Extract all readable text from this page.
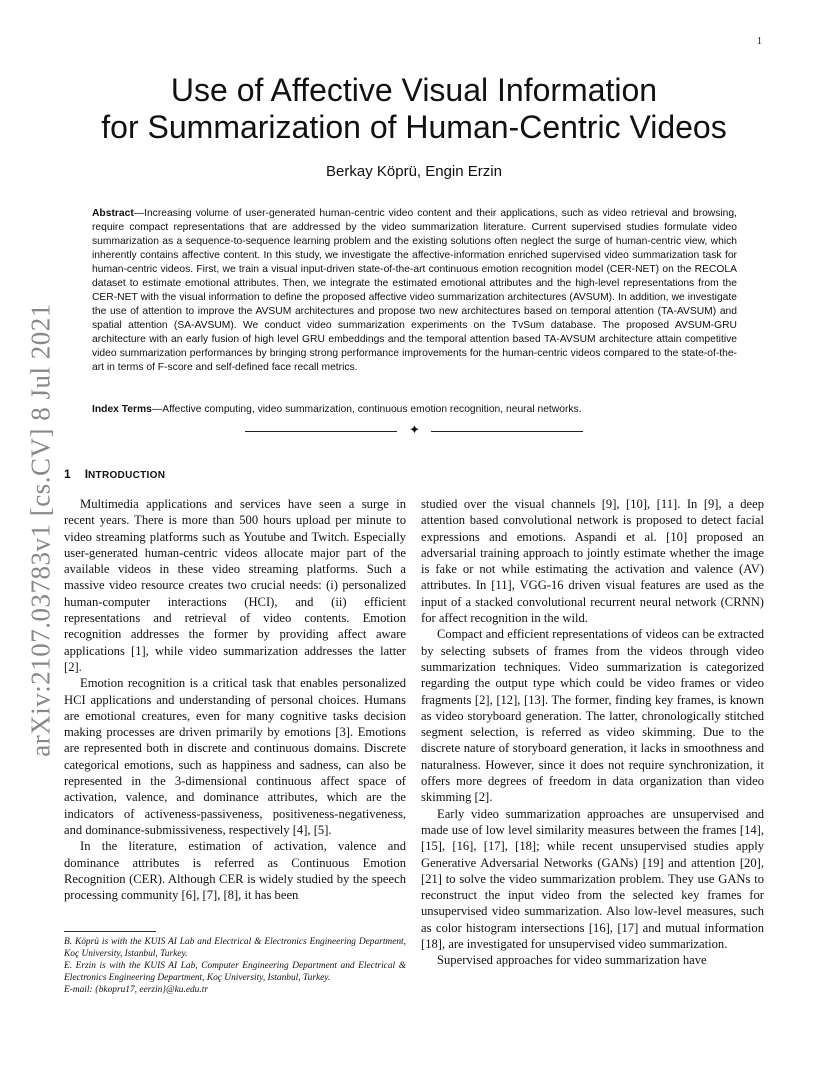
1
arXiv:2107.03783v1 [cs.CV] 8 Jul 2021
Use of Affective Visual Information
for Summarization of Human-Centric Videos
Berkay Köprü, Engin Erzin

Abstract—Increasing volume of user-generated human-centric video content and their applications, such as video retrieval and browsing, require compact representations that are addressed by the video summarization literature. Current supervised studies formulate video summarization as a sequence-to-sequence learning problem and the existing solutions often neglect the surge of human-centric view, which inherently contains affective content. In this study, we investigate the affective-information enriched supervised video summarization task for human-centric videos. First, we train a visual input-driven state-of-the-art continuous emotion recognition model (CER-NET) on the RECOLA dataset to estimate emotional attributes. Then, we integrate the estimated emotional attributes and the high-level representations from the CER-NET with the visual information to define the proposed affective video summarization architectures (AVSUM). In addition, we investigate the use of attention to improve the AVSUM architectures and propose two new architectures based on temporal attention (TA-AVSUM) and spatial attention (SA-AVSUM). We conduct video summarization experiments on the TvSum database. The proposed AVSUM-GRU architecture with an early fusion of high level GRU embeddings and the temporal attention based TA-AVSUM architecture attain competitive video summarization performances by bringing strong performance improvements for the human-centric videos compared to the state-of-the-art in terms of F-score and self-defined face recall metrics.

Index Terms—Affective computing, video summarization, continuous emotion recognition, neural networks.

✦
1 INTRODUCTION

Multimedia applications and services have seen a surge in recent years. There is more than 500 hours upload per minute to video streaming platforms such as Youtube and Twitch. Especially user-generated human-centric videos allocate major part of the available videos in these video streaming platforms. Such a massive video resource creates two crucial needs: (i) personalized human-computer interactions (HCI), and (ii) efficient representations and retrieval of video contents. Emotion recognition addresses the former by providing affect aware applications [1], while video summarization addresses the latter [2].

Emotion recognition is a critical task that enables personalized HCI applications and understanding of personal choices. Humans are emotional creatures, even for many cognitive tasks decision making processes are driven primarily by emotions [3]. Emotions are represented both in discrete and continuous domains. Discrete categorical emotions, such as happiness and sadness, can also be represented in the 3-dimensional continuous affect space of activation, valence, and dominance attributes, which are the indicators of activeness-passiveness, positiveness-negativeness, and dominance-submissiveness, respectively [4], [5].

In the literature, estimation of activation, valence and dominance attributes is referred as Continuous Emotion Recognition (CER). Although CER is widely studied by the speech processing community [6], [7], [8], it has been

B. Köprü is with the KUIS AI Lab and Electrical & Electronics Engineering Department, Koç University, Istanbul, Turkey.

E. Erzin is with the KUIS AI Lab, Computer Engineering Department and Electrical & Electronics Engineering Department, Koç University, Istanbul, Turkey.

E-mail: {bkopru17, eerzin}@ku.edu.tr

studied over the visual channels [9], [10], [11]. In [9], a deep attention based convolutional network is proposed to detect facial expressions and emotions. Aspandi et al. [10] proposed an adversarial training approach to jointly estimate whether the image is fake or not while estimating the activation and valence (AV) attributes. In [11], VGG-16 driven visual features are used as the input of a stacked convolutional recurrent neural network (CRNN) for affect recognition in the wild.

Compact and efficient representations of videos can be extracted by selecting subsets of frames from the videos through video summarization techniques. Video summarization is categorized regarding the output type which could be video frames or video fragments [2], [12], [13]. The former, finding key frames, is known as video storyboard generation. The latter, chronologically stitched segment selection, is referred as video skimming. Due to the discrete nature of storyboard generation, it lacks in smoothness and naturalness. However, since it does not require synchronization, it offers more degrees of freedom in data organization than video skimming [2].

Early video summarization approaches are unsupervised and made use of low level similarity measures between the frames [14], [15], [16], [17], [18]; while recent unsupervised studies apply Generative Adversarial Networks (GANs) [19] and attention [20], [21] to solve the video summarization problem. They use GANs to reconstruct the input video from the selected key frames for unsupervised video summarization. Also low-level measures, such as color histogram intersections [16], [17] and mutual information [18], are investigated for unsupervised video summarization.

Supervised approaches for video summarization have
